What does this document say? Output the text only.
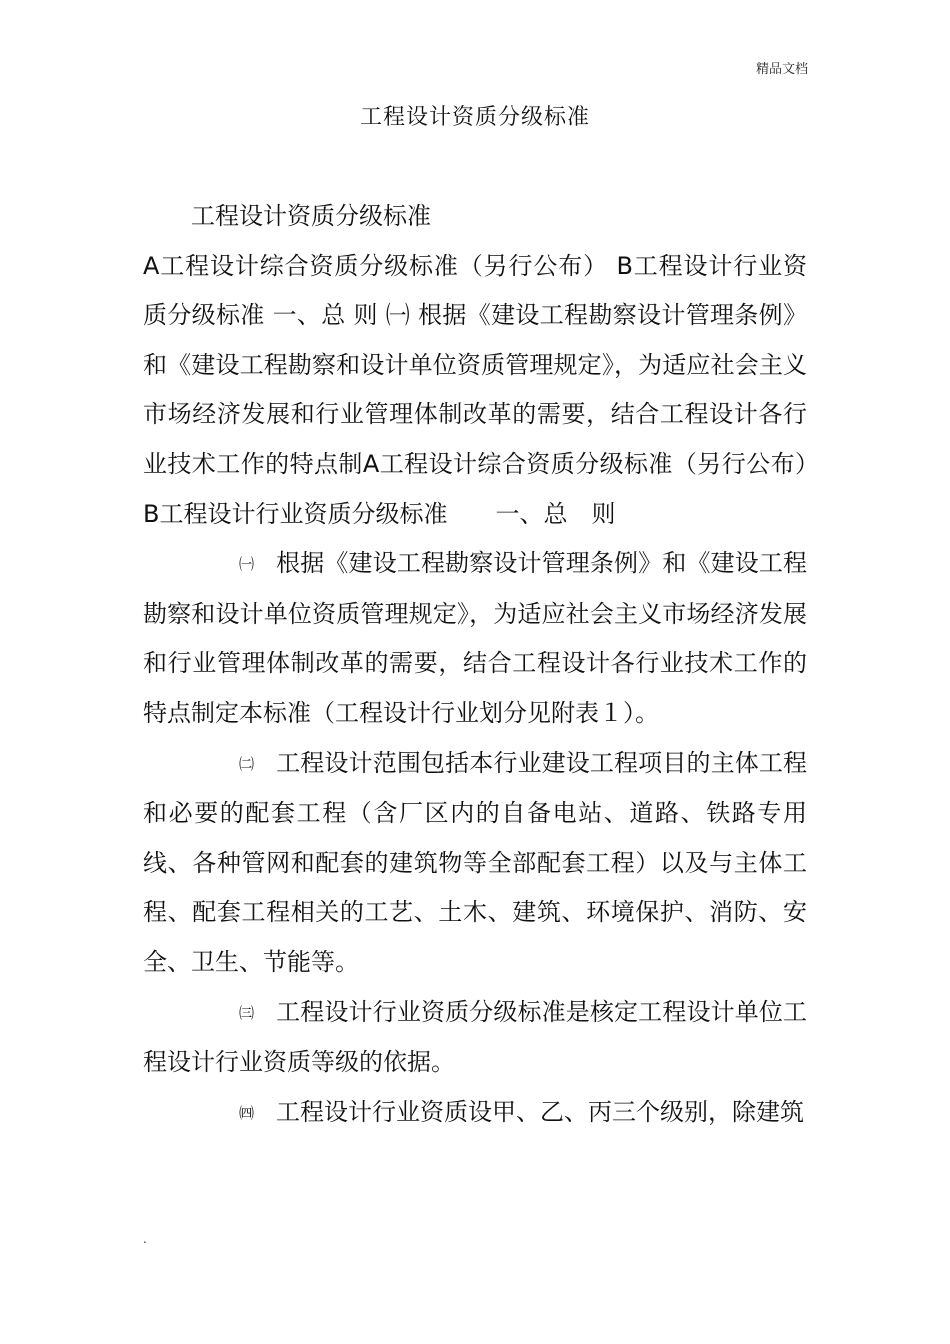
精品文档
工程设计资质分级标准

工程设计资质分级标准

A工程设计综合资质分级标准（另行公布） B工程设计行业资质分级标准 一、总 则 ㈠ 根据《建设工程勘察设计管理条例》和《建设工程勘察和设计单位资质管理规定》，为适应社会主义市场经济发展和行业管理体制改革的需要，结合工程设计各行业技术工作的特点制A工程设计综合资质分级标准（另行公布）B工程设计行业资质分级标准　　一、总　则

㈠ 根据《建设工程勘察设计管理条例》和《建设工程勘察和设计单位资质管理规定》，为适应社会主义市场经济发展和行业管理体制改革的需要，结合工程设计各行业技术工作的特点制定本标准（工程设计行业划分见附表１）。

㈡ 工程设计范围包括本行业建设工程项目的主体工程和必要的配套工程（含厂区内的自备电站、道路、铁路专用线、各种管网和配套的建筑物等全部配套工程）以及与主体工程、配套工程相关的工艺、土木、建筑、环境保护、消防、安全、卫生、节能等。

㈢ 工程设计行业资质分级标准是核定工程设计单位工程设计行业资质等级的依据。

㈣ 工程设计行业资质设甲、乙、丙三个级别，除建筑

.
